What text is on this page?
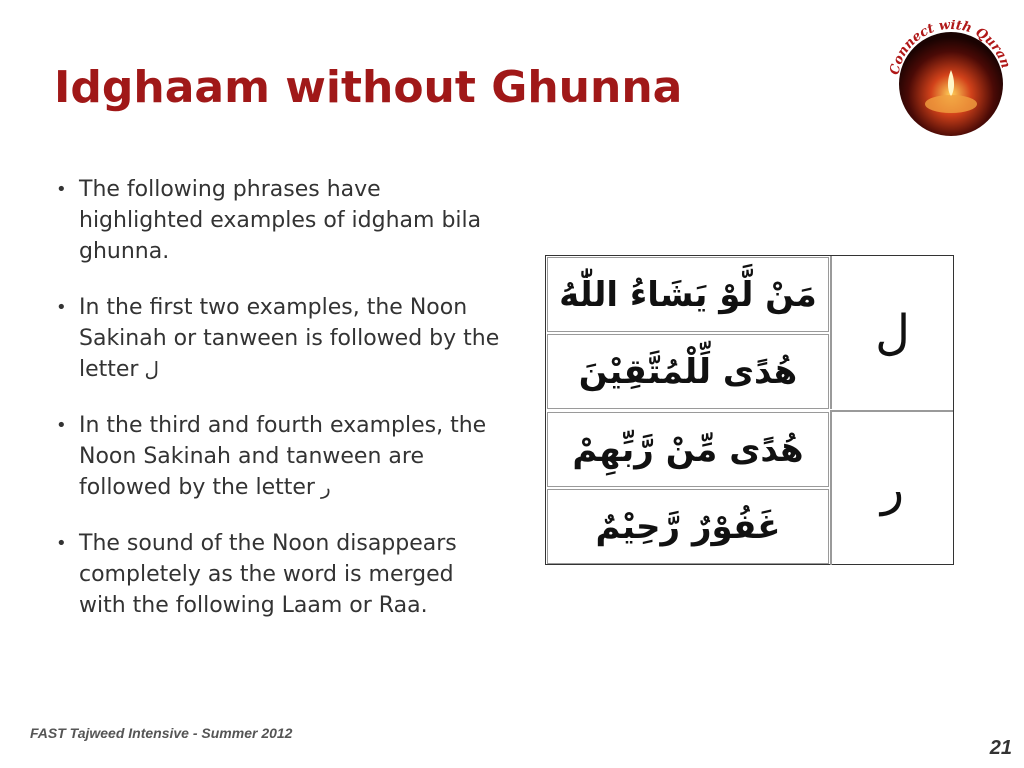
Idghaam without Ghunna	Connect with Quran
• The following phrases have highlighted examples of idgham bila ghunna.
• In the first two examples, the Noon Sakinah or tanween is followed by the letter ل
• In the third and fourth examples, the Noon Sakinah and tanween are followed by the letter ر
• The sound of the Noon disappears completely as the word is merged with the following Laam or Raa.
مَنْ لَّوْ يَشَاءُ اللّٰهُ
هُدًى لِّلْمُتَّقِيْنَ
هُدًى مِّنْ رَّبِّهِمْ
غَفُوْرٌ رَّحِيْمٌ
ل
ر
FAST Tajweed Intensive - Summer 2012
21
